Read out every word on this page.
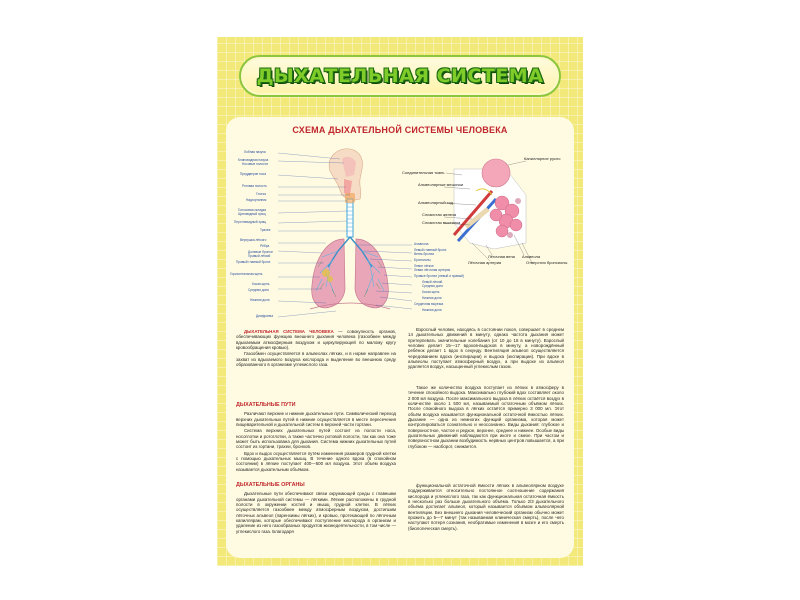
ДЫХАТЕЛЬНАЯ СИСТЕМА
СХЕМА ДЫХАТЕЛЬНОЙ СИСТЕМЫ ЧЕЛОВЕКА
Лобная пазуха
Клиновидная пазуха
Носовые полости
Преддверие носа
Ротовая полость
Глотка
Надгортанник
Голосовая складка
Щитовидный хрящ
Перстневидный хрящ
Трахея
Верхушка лёгкого
Рёбра
Долевые бронхи
Правый лёгкий
Правый главный бронх
Горизонтальная щель
Косая щель
Средняя доля
Нижняя доля
Диафрагма
Альвеола
Левый главный бронх
Ветвь бронха
Бронхиолы
Левое лёгкое
Левая лёгочная артерия
Правые бронхи (левый и правый)
Левый лёгкий
Средняя доля
Косая щель
Нижняя доля
Сердечная вырезка
Нижняя доля
Соединительная ткань
Альвеолярные мешочки
Альвеолярный ход
Слизистая железа
Слизистая выстилка
Капиллярное русло
Лёгочная вена
Лёгочная артерия
Альвеола
Отверстия бронхиолы

ДЫХАТЕЛЬНАЯ СИСТЕМА ЧЕЛОВЕКА — совокупность органов, обеспечивающих функцию внешнего дыхания человека (газообмен между вдыхаемым атмосферным воздухом и циркулирующей по малому кругу кровообращения кровью).

Газообмен осуществляется в альвеолах лёгких, и в норме направлен на захват из вдыхаемого воздуха кислорода и выделение во внешнюю среду образованного в организме углекислого газа.

ДЫХАТЕЛЬНЫЕ ПУТИ

Различают верхние и нижние дыхательные пути. Символический переход верхних дыхательных путей в нижние осуществляется в месте пересечения пищеварительной и дыхательной систем в верхней части гортани.

Система верхних дыхательных путей состоит из полости носа, носоглотки и ротоглотки, а также частично ротовой полости, так как она тоже может быть использована для дыхания. Система нижних дыхательных путей состоит из гортани, трахеи, бронхов.

Вдох и выдох осуществляется путём изменения размеров грудной клетки с помощью дыхательных мышц. В течение одного вдоха (в спокойном состоянии) в лёгкие поступает 400—500 мл воздуха. Этот объём воздуха называется дыхательным объёмом.

ДЫХАТЕЛЬНЫЕ ОРГАНЫ

Дыхательные пути обеспечивают связи окружающей среды с главными органами дыхательной системы — лёгкими. Лёгкие расположены в грудной полости в окружении костей и мышц грудной клетки. В лёгких осуществляется газообмен между атмосферным воздухом, достигшим лёгочных альвеол (паренхимы лёгких), и кровью, протекающей по лёгочным капиллярам, которые обеспечивают поступление кислорода в организм и удаление из него газообразных продуктов жизнедеятельности, в том числе — углекислого газа. Благодаря

Взрослый человек, находясь в состоянии покоя, совершает в среднем 14 дыхательных движений в минуту, однако частота дыхания может претерпевать значительные колебания (от 10 до 18 в минуту). Взрослый человек делает 15—17 вдохов-выдохов в минуту, а новорождённый ребёнок делает 1 вдох в секунду. Вентиляция альвеол осуществляется чередованием вдоха (инспирации) и выдоха (экспирации). При вдохе в альвеолы поступает атмосферный воздух, а при выдохе из альвеол удаляется воздух, насыщенный углекислым газом.

Такое же количество воздуха поступает из лёгких в атмосферу в течение спокойного выдоха. Максимально глубокий вдох составляет около 2 000 мл воздуха. После максимального выдоха в лёгких остаётся воздух в количестве около 1 500 мл, называемый остаточным объёмом лёгких. После спокойного выдоха в лёгких остаётся примерно 3 000 мл. Этот объём воздуха называется функциональной остаточной ёмкостью лёгких. Дыхание — одна из немногих функций организма, которая может контролироваться сознательно и неосознанно. Виды дыхания: глубокое и поверхностное, частое и редкое, верхнее, среднее и нижнее. Особые виды дыхательных движений наблюдаются при икоте и смехе. При частом и поверхностном дыхании возбудимость нервных центров повышается, а при глубоком — наоборот, снижается.

функциональной остаточной ёмкости лёгких в альвеолярном воздухе поддерживается относительно постоянное соотношение содержания кислорода и углекислого газа, так как функциональная остаточная ёмкость в несколько раз больше дыхательного объёма. Только 2/3 дыхательного объёма достигает альвеол, который называется объёмом альвеолярной вентиляции. Без внешнего дыхания человеческий организм обычно может прожить до 5—7 минут (так называемая клиническая смерть), после чего наступают потеря сознания, необратимые изменения в мозге и его смерть (биологическая смерть).
